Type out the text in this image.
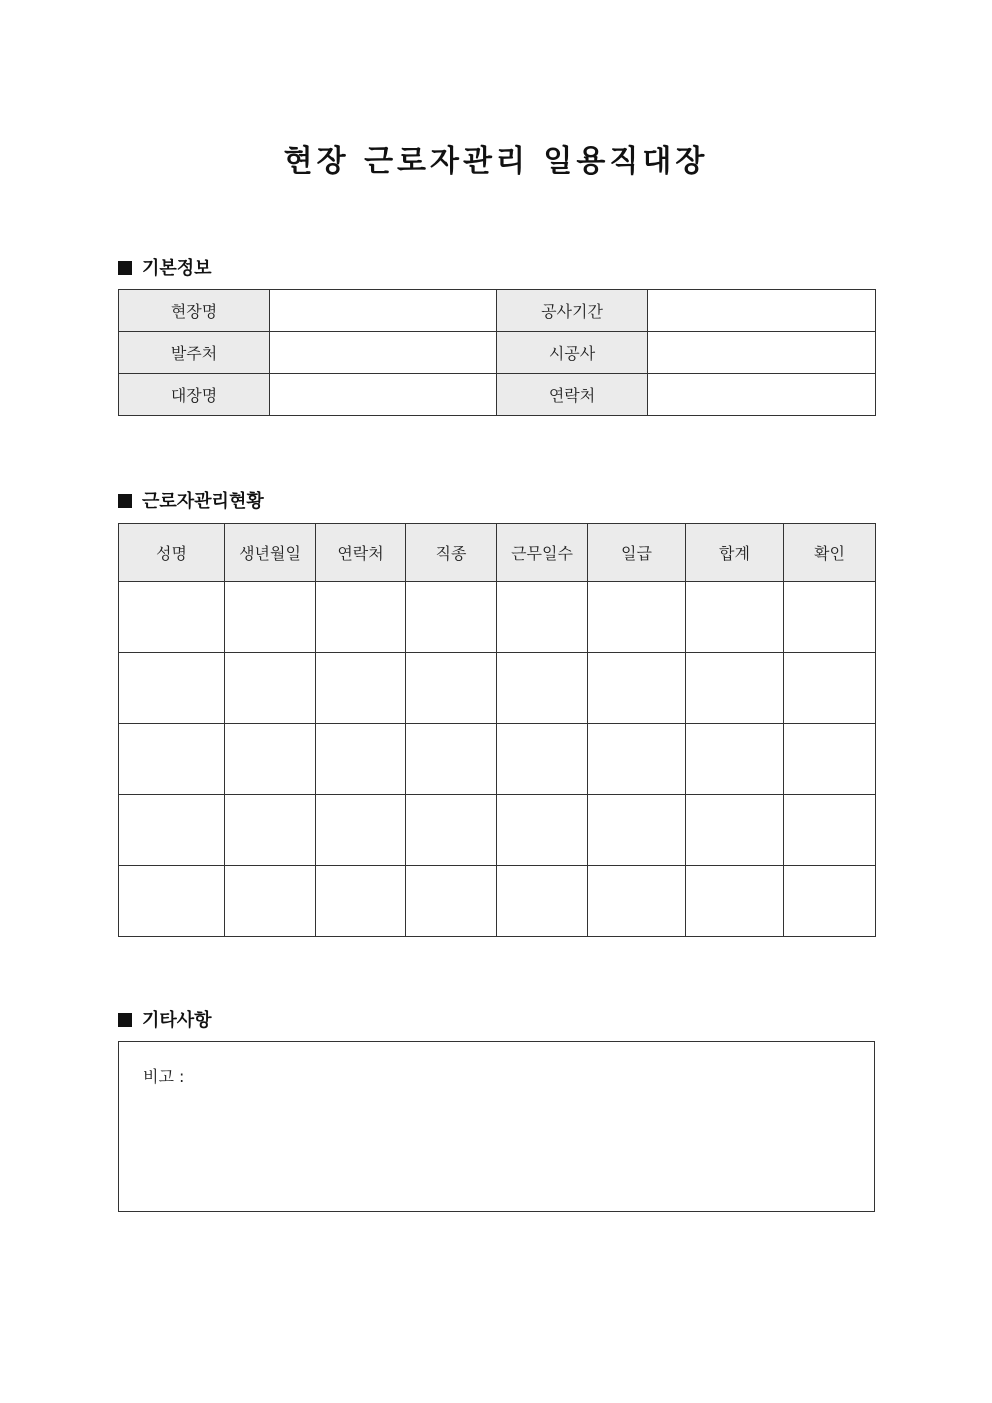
현장 근로자관리 일용직대장
기본정보
현장명		공사기간	
발주처		시공사	
대장명		연락처	
근로자관리현황
성명	생년월일	연락처	직종	근무일수	일급	합계	확인

기타사항
비고 :
